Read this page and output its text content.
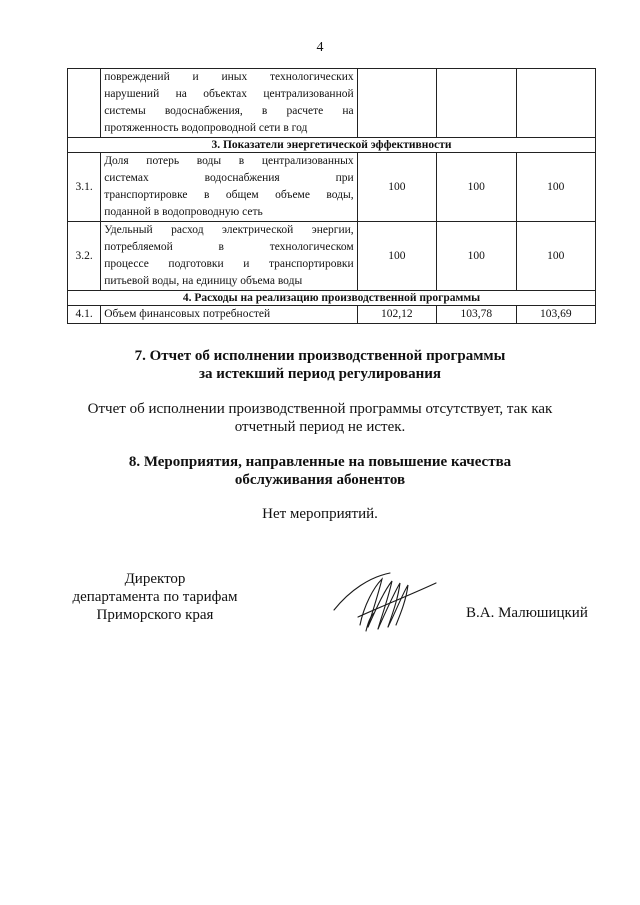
4
	повреждений и иных технологических
нарушений на объектах централизованной
системы водоснабжения, в расчете на

протяженность водопроводной сети в год			

3. Показатели энергетической эффективности				
3.1.	Доля потерь воды в централизованных
системах водоснабжения при
транспортировке в общем объеме воды,

поданной в водопроводную сеть	100	100	100
3.2.	Удельный расход электрической энергии,
потребляемой в технологическом
процессе подготовки и транспортировки

питьевой воды, на единицу объема воды	100	100	100
4. Расходы на реализацию производственной программы				
4.1.	Объем финансовых потребностей	102,12	103,78	103,69
7. Отчет об исполнении производственной программы
за истекший период регулирования

Отчет об исполнении производственной программы отсутствует, так как
отчетный период не истек.

8. Мероприятия, направленные на повышение качества
обслуживания абонентов

Нет мероприятий.

Директор
департамента по тарифам
Приморского края	В.А. Малюшицкий
